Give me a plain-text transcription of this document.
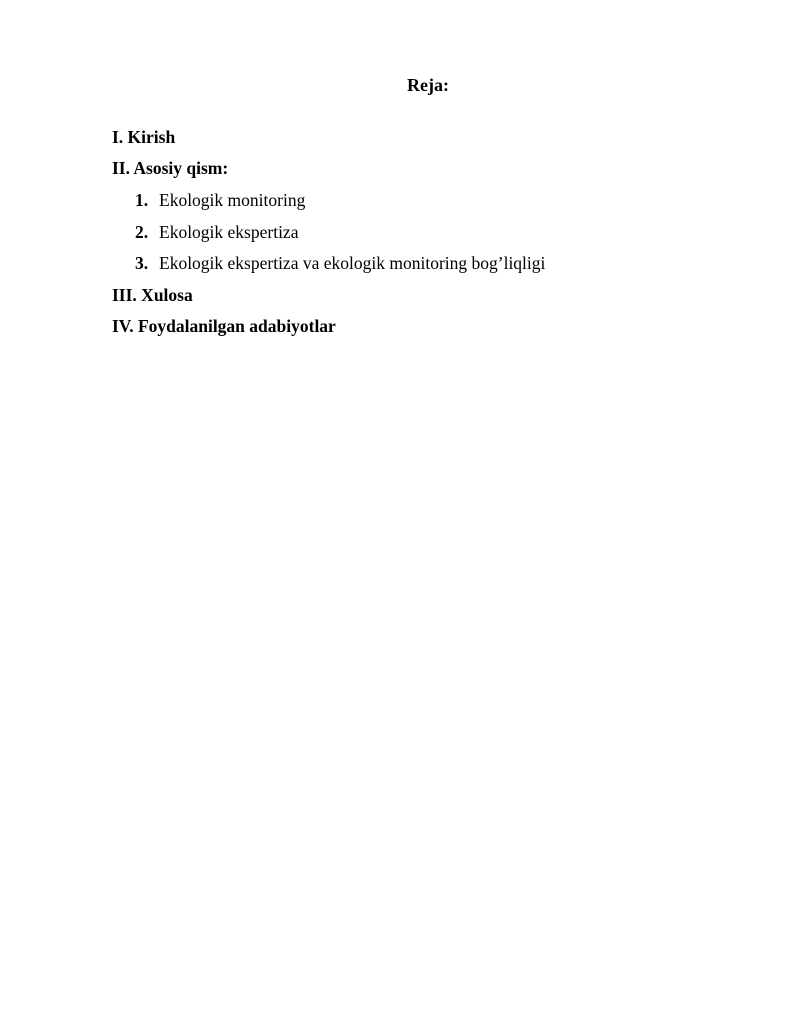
Reja:
I. Kirish
II. Asosiy qism:
1. Ekologik monitoring
2. Ekologik ekspertiza
3. Ekologik ekspertiza va ekologik monitoring bog’liqligi
III. Xulosa
IV. Foydalanilgan adabiyotlar
